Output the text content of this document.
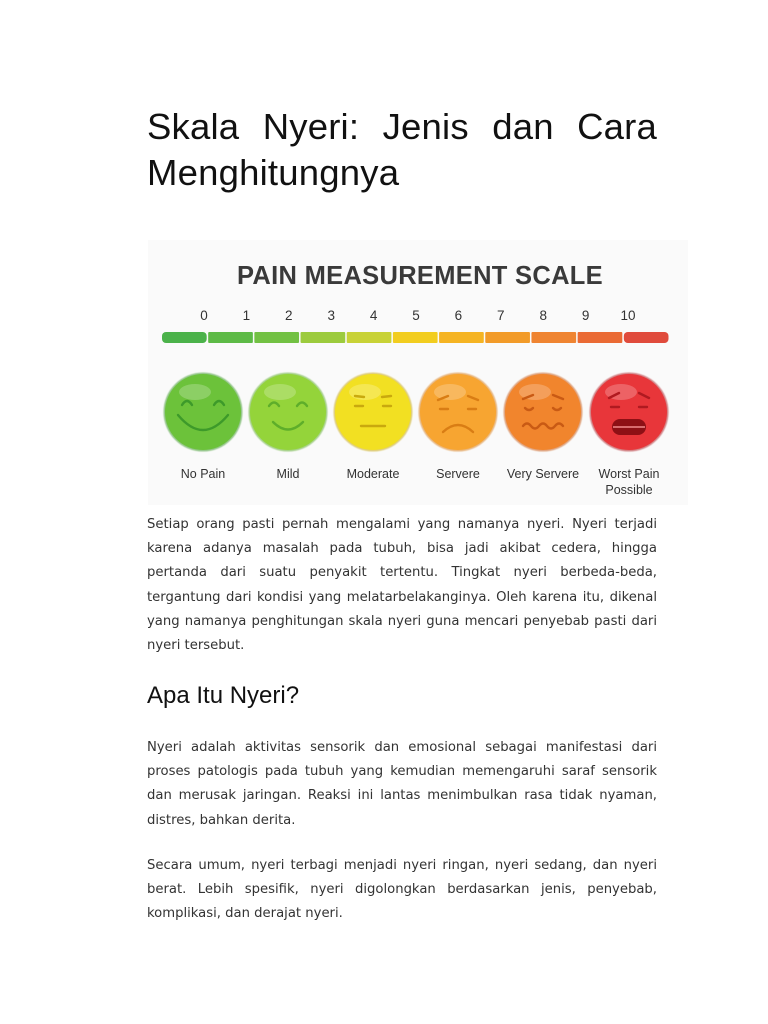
Skala Nyeri: Jenis dan Cara Menghitungnya
PAIN MEASUREMENT SCALE
0	1	2	3	4	5	6	7	8	9 10
No Pain	Mild	Moderate	Servere Very Servere Worst Pain
Possible

Setiap orang pasti pernah mengalami yang namanya nyeri. Nyeri terjadi karena adanya masalah pada tubuh, bisa jadi akibat cedera, hingga pertanda dari suatu penyakit tertentu. Tingkat nyeri berbeda-beda, tergantung dari kondisi yang melatarbelakanginya. Oleh karena itu, dikenal yang namanya penghitungan skala nyeri guna mencari penyebab pasti dari nyeri tersebut.

Apa Itu Nyeri?

Nyeri adalah aktivitas sensorik dan emosional sebagai manifestasi dari proses patologis pada tubuh yang kemudian memengaruhi saraf sensorik dan merusak jaringan. Reaksi ini lantas menimbulkan rasa tidak nyaman, distres, bahkan derita.

Secara umum, nyeri terbagi menjadi nyeri ringan, nyeri sedang, dan nyeri berat. Lebih spesifik, nyeri digolongkan berdasarkan jenis, penyebab, komplikasi, dan derajat nyeri.
